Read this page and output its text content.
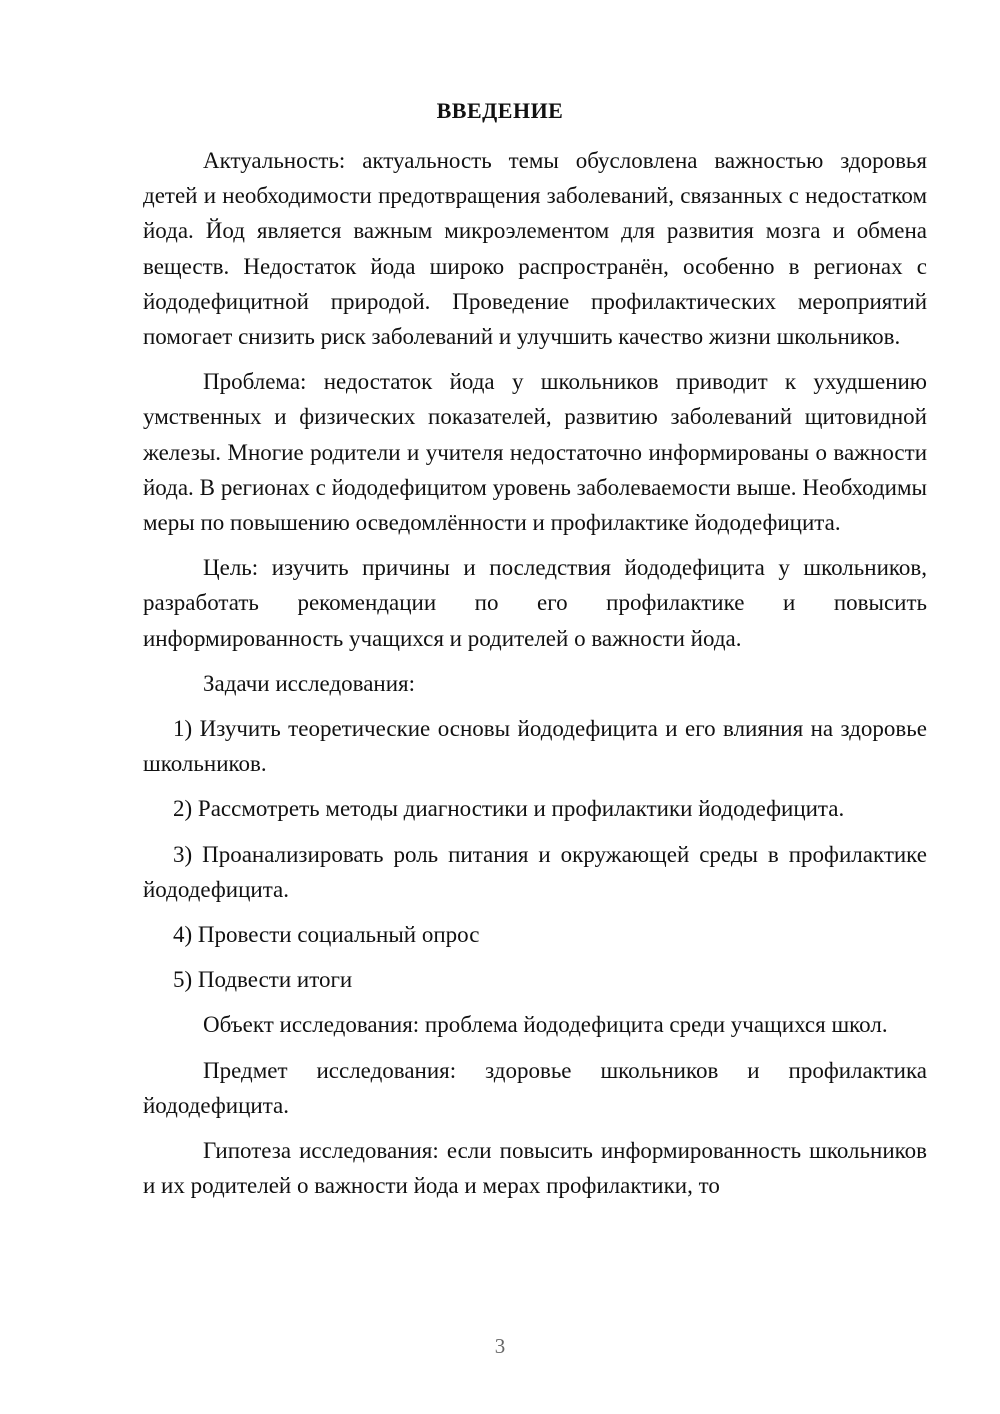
ВВЕДЕНИЕ

Актуальность: актуальность темы обусловлена важностью здоровья детей и необходимости предотвращения заболеваний, связанных с недостатком йода. Йод является важным микроэлементом для развития мозга и обмена веществ. Недостаток йода широко распространён, особенно в регионах с йододефицитной природой. Проведение профилактических мероприятий помогает снизить риск заболеваний и улучшить качество жизни школьников.

Проблема: недостаток йода у школьников приводит к ухудшению умственных и физических показателей, развитию заболеваний щитовидной железы. Многие родители и учителя недостаточно информированы о важности йода. В регионах с йододефицитом уровень заболеваемости выше. Необходимы меры по повышению осведомлённости и профилактике йододефицита.

Цель: изучить причины и последствия йододефицита у школьников, разработать рекомендации по его профилактике и повысить информированность учащихся и родителей о важности йода.

Задачи исследования:

1) Изучить теоретические основы йододефицита и его влияния на здоровье школьников.

2) Рассмотреть методы диагностики и профилактики йододефицита.

3) Проанализировать роль питания и окружающей среды в профилактике йододефицита.

4) Провести социальный опрос

5) Подвести итоги

Объект исследования: проблема йододефицита среди учащихся школ.

Предмет исследования: здоровье школьников и профилактика йододефицита.

Гипотеза исследования: если повысить информированность школьников и их родителей о важности йода и мерах профилактики, то

3
